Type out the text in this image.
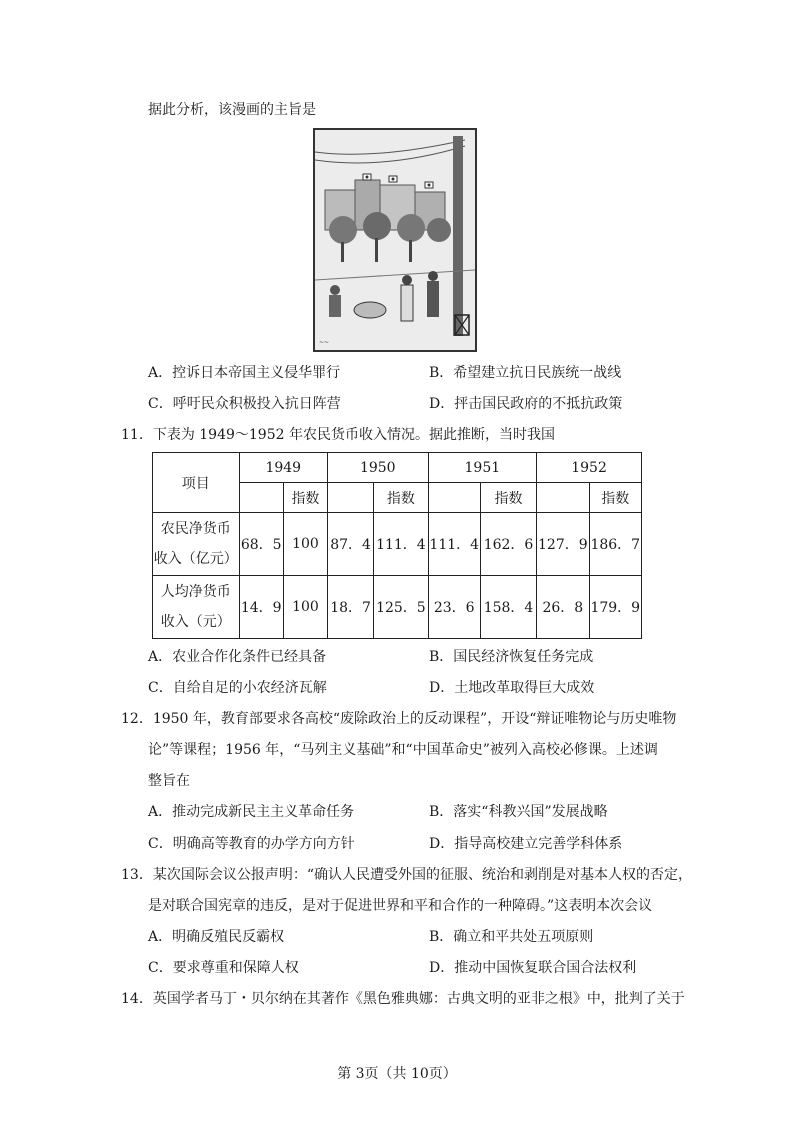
据此分析，该漫画的主旨是
~~
A．控诉日本帝国主义侵华罪行	B．希望建立抗日民族统一战线
C．呼吁民众积极投入抗日阵营	D．抨击国民政府的不抵抗政策
11．下表为 1949～1952 年农民货币收入情况。据此推断，当时我国
项目	1949		1950		1951		1952	
		指数		指数		指数		指数

农民净货币
收入（亿元）	68．5	100	87．4	111．4	111．4	162．6	127．9	186．7

人均净货币
收入（元）	14．9	100	18．7	125．5	23．6	158．4	26．8	179．9
A．农业合作化条件已经具备	B．国民经济恢复任务完成
C．自给自足的小农经济瓦解	D．土地改革取得巨大成效
12．1950 年，教育部要求各高校“废除政治上的反动课程”，开设“辩证唯物论与历史唯物
论”等课程；1956 年，“马列主义基础”和“中国革命史”被列入高校必修课。上述调
整旨在
A．推动完成新民主主义革命任务	B．落实“科教兴国”发展战略
C．明确高等教育的办学方向方针	D．指导高校建立完善学科体系
13．某次国际会议公报声明：“确认人民遭受外国的征服、统治和剥削是对基本人权的否定，
是对联合国宪章的违反，是对于促进世界和平和合作的一种障碍。”这表明本次会议
A．明确反殖民反霸权	B．确立和平共处五项原则
C．要求尊重和保障人权	D．推动中国恢复联合国合法权利
14．英国学者马丁・贝尔纳在其著作《黑色雅典娜：古典文明的亚非之根》中，批判了关于
第 3页（共 10页）
